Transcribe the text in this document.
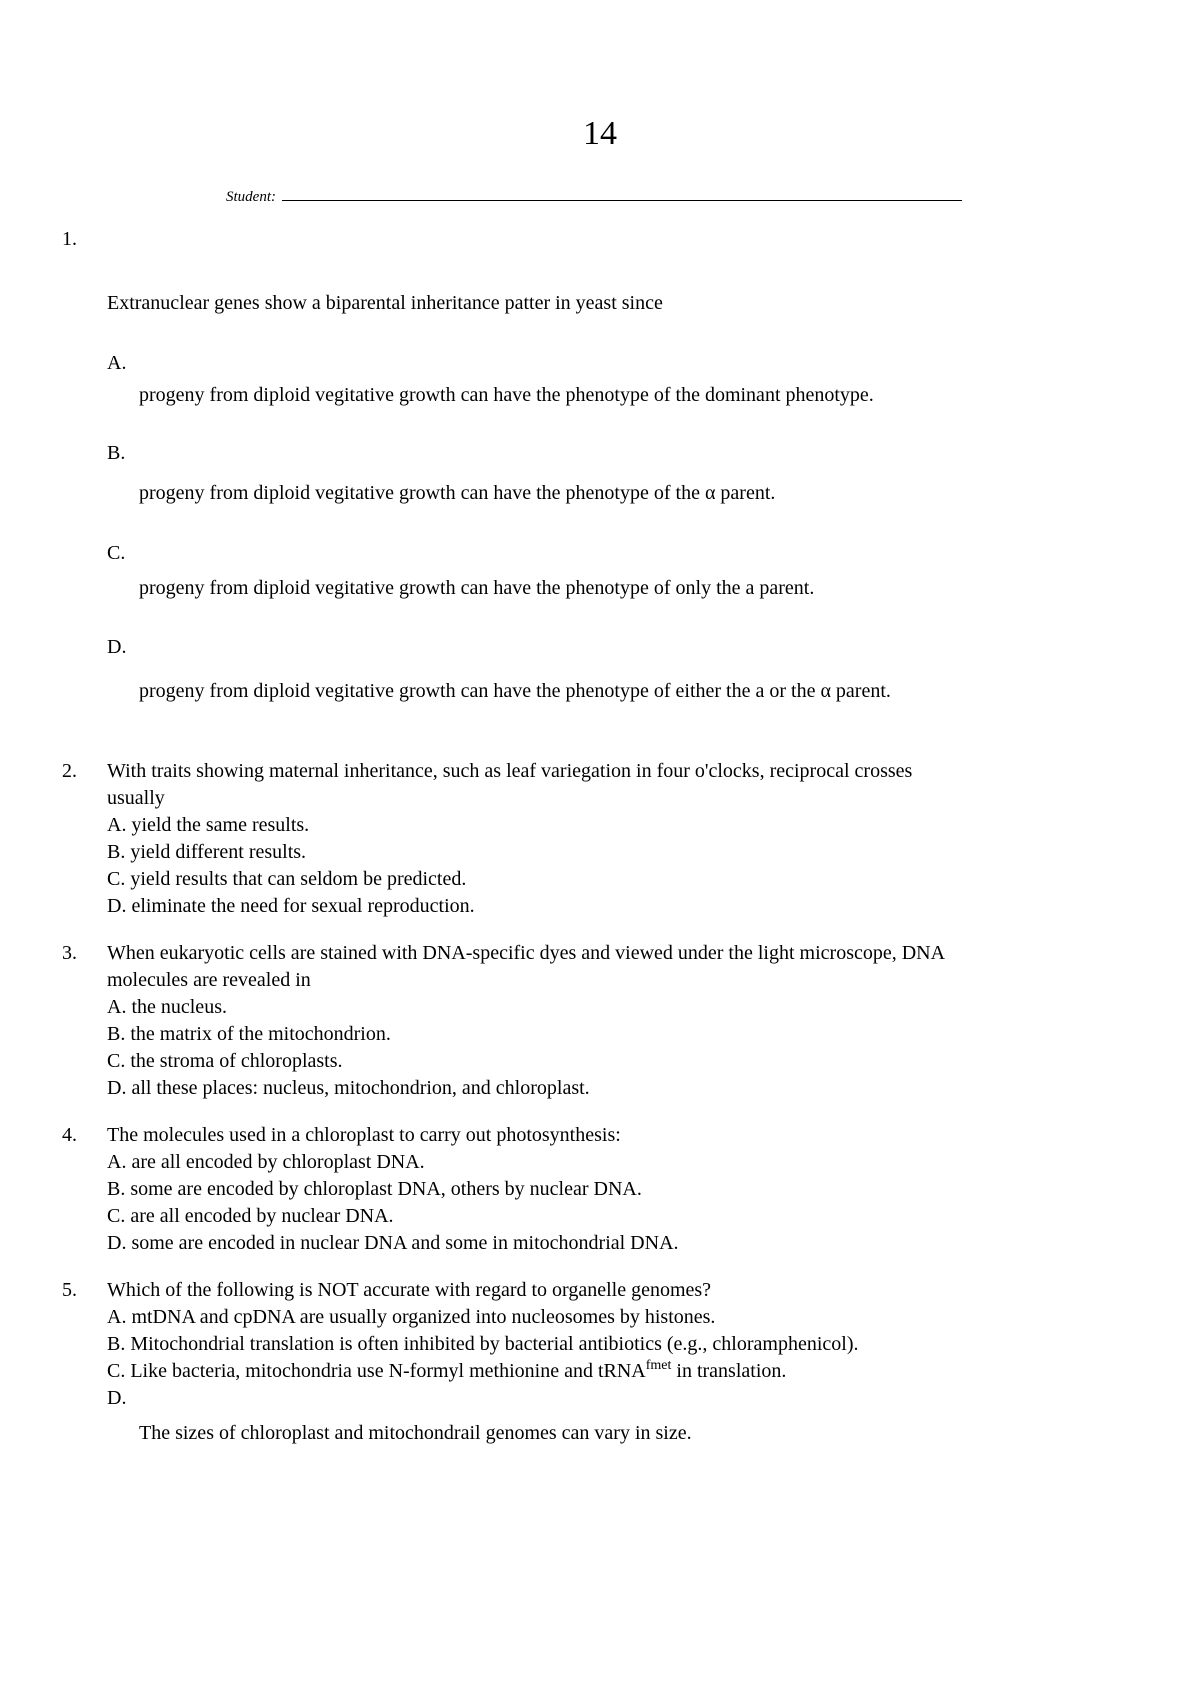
14
Student:
1.
Extranuclear genes show a biparental inheritance patter in yeast since
A.
progeny from diploid vegitative growth can have the phenotype of the dominant phenotype.
B.
progeny from diploid vegitative growth can have the phenotype of the α parent.
C.
progeny from diploid vegitative growth can have the phenotype of only the a parent.
D.
progeny from diploid vegitative growth can have the phenotype of either the a or the α parent.
2. With traits showing maternal inheritance, such as leaf variegation in four o'clocks, reciprocal crosses
usually
A. yield the same results.
B. yield different results.
C. yield results that can seldom be predicted.
D. eliminate the need for sexual reproduction.
3. When eukaryotic cells are stained with DNA-specific dyes and viewed under the light microscope, DNA
molecules are revealed in
A. the nucleus.
B. the matrix of the mitochondrion.
C. the stroma of chloroplasts.
D. all these places: nucleus, mitochondrion, and chloroplast.
4. The molecules used in a chloroplast to carry out photosynthesis:
A. are all encoded by chloroplast DNA.
B. some are encoded by chloroplast DNA, others by nuclear DNA.
C. are all encoded by nuclear DNA.
D. some are encoded in nuclear DNA and some in mitochondrial DNA.
5. Which of the following is NOT accurate with regard to organelle genomes?
A. mtDNA and cpDNA are usually organized into nucleosomes by histones.
B. Mitochondrial translation is often inhibited by bacterial antibiotics (e.g., chloramphenicol).
C. Like bacteria, mitochondria use N-formyl methionine and tRNA$^{fmet}$ in translation.
D.
The sizes of chloroplast and mitochondrail genomes can vary in size.
